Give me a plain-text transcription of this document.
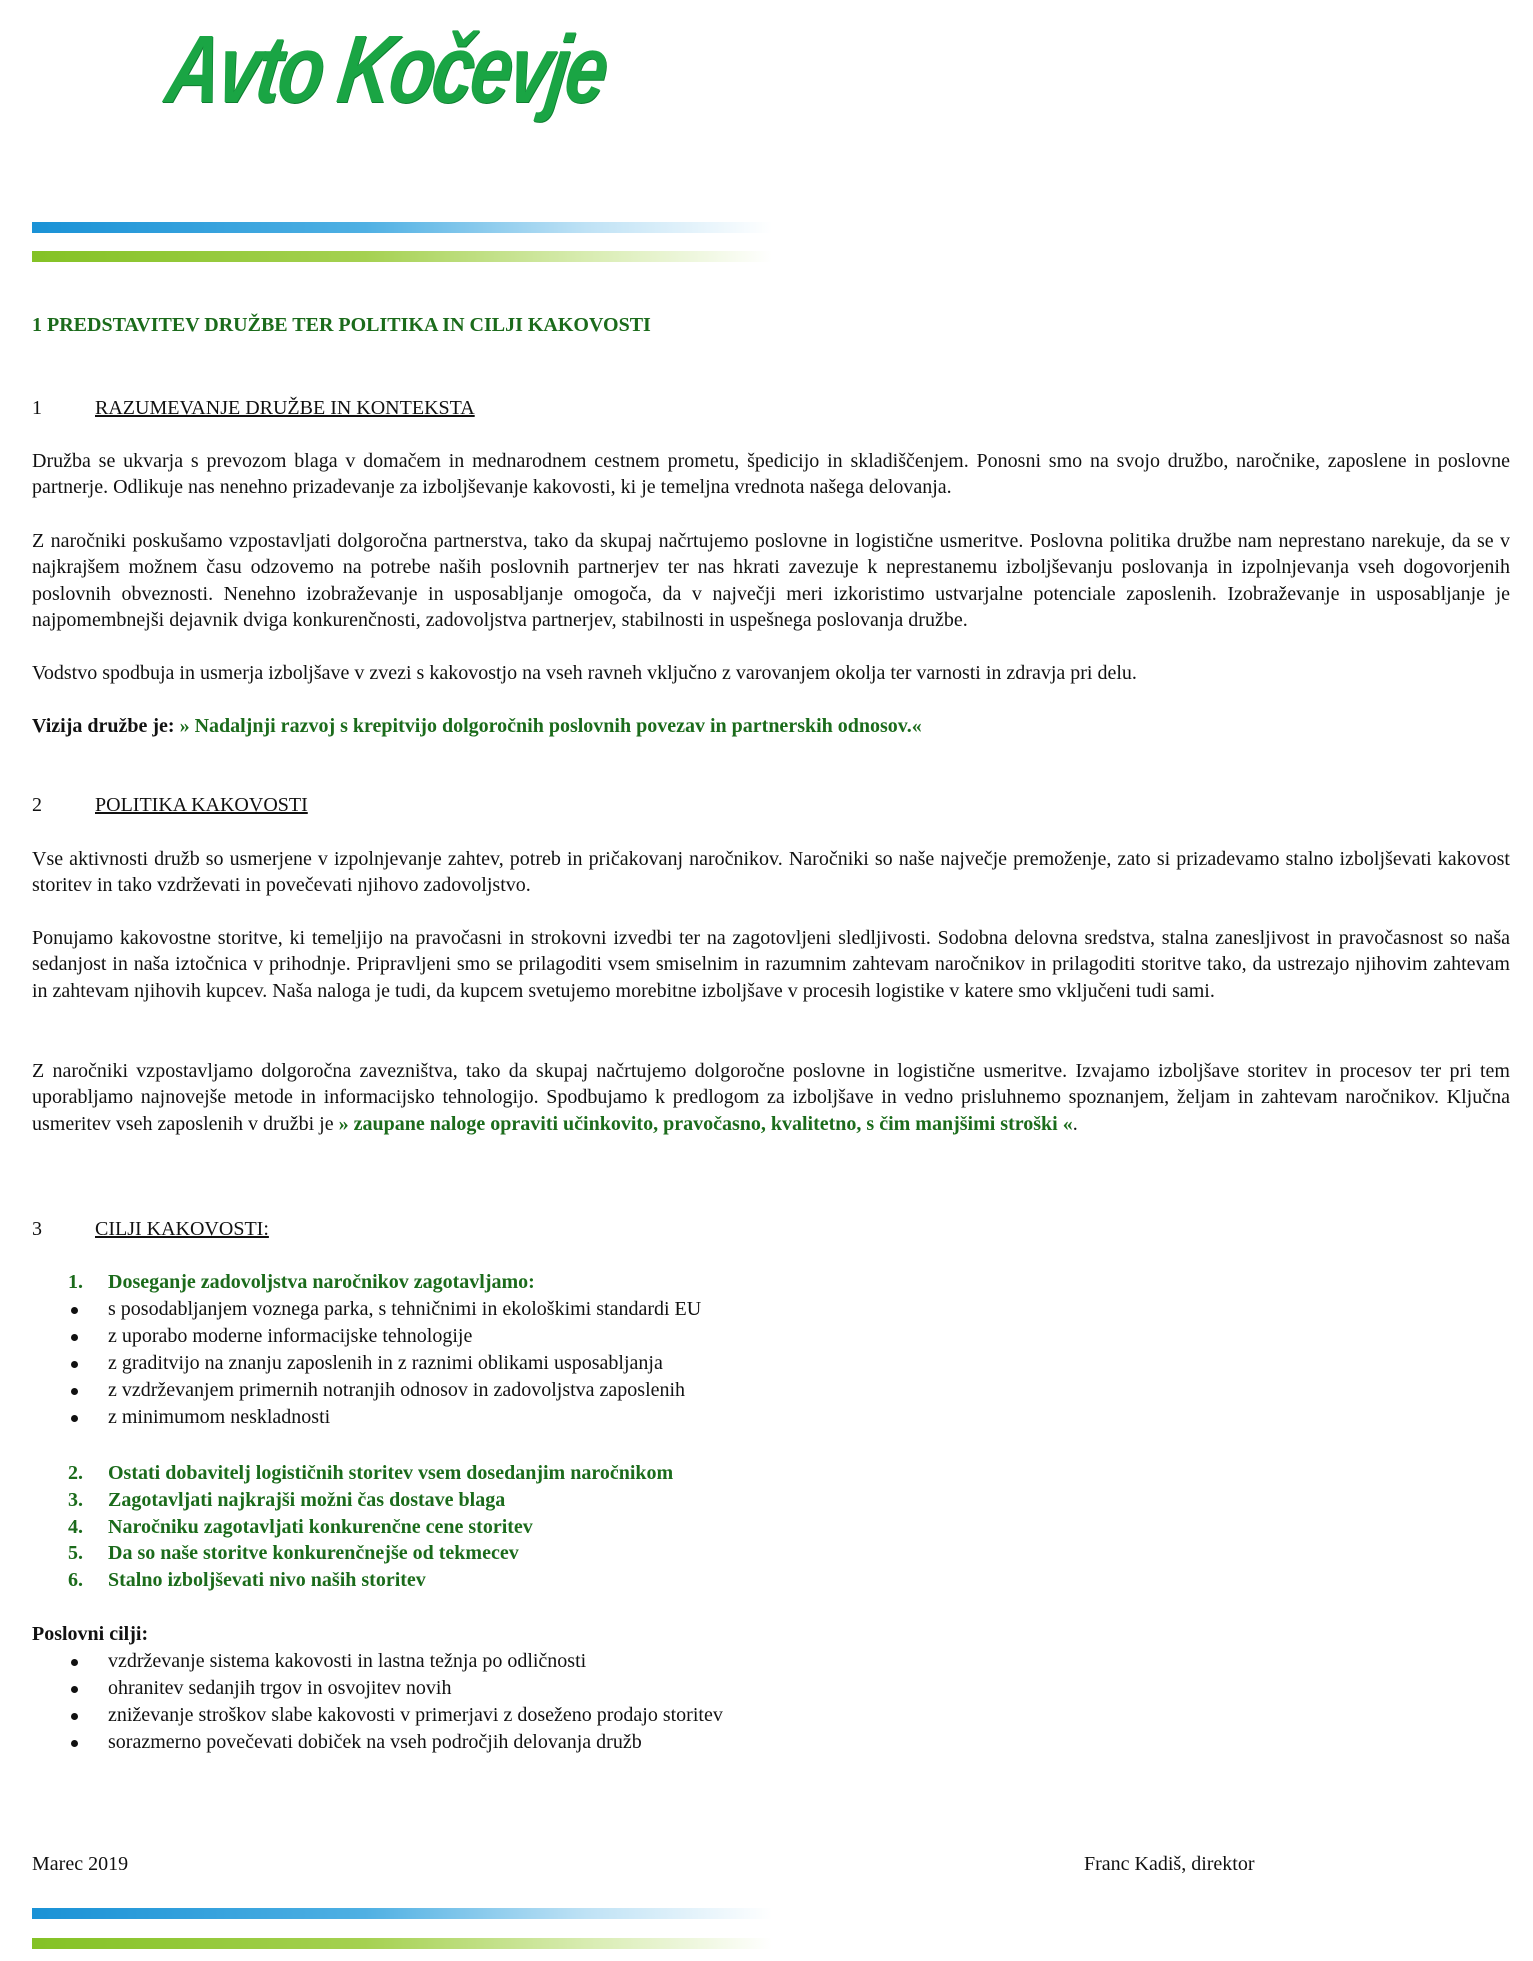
Avto Kočevje
1 PREDSTAVITEV DRUŽBE TER POLITIKA IN CILJI KAKOVOSTI

1	RAZUMEVANJE DRUŽBE IN KONTEKSTA

Družba se ukvarja s prevozom blaga v domačem in mednarodnem cestnem prometu, špedicijo in skladiščenjem. Ponosni smo na svojo družbo, naročnike, zaposlene in poslovne partnerje. Odlikuje nas nenehno prizadevanje za izboljševanje kakovosti, ki je temeljna vrednota našega delovanja.

Z naročniki poskušamo vzpostavljati dolgoročna partnerstva, tako da skupaj načrtujemo poslovne in logistične usmeritve. Poslovna politika družbe nam neprestano narekuje, da se v najkrajšem možnem času odzovemo na potrebe naših poslovnih partnerjev ter nas hkrati zavezuje k neprestanemu izboljševanju poslovanja in izpolnjevanja vseh dogovorjenih poslovnih obveznosti. Nenehno izobraževanje in usposabljanje omogoča, da v največji meri izkoristimo ustvarjalne potenciale zaposlenih. Izobraževanje in usposabljanje je najpomembnejši dejavnik dviga konkurenčnosti, zadovoljstva partnerjev, stabilnosti in uspešnega poslovanja družbe.

Vodstvo spodbuja in usmerja izboljšave v zvezi s kakovostjo na vseh ravneh vključno z varovanjem okolja ter varnosti in zdravja pri delu.

Vizija družbe je: » Nadaljnji razvoj s krepitvijo dolgoročnih poslovnih povezav in partnerskih odnosov.«

2	POLITIKA KAKOVOSTI

Vse aktivnosti družb so usmerjene v izpolnjevanje zahtev, potreb in pričakovanj naročnikov. Naročniki so naše največje premoženje, zato si prizadevamo stalno izboljševati kakovost storitev in tako vzdrževati in povečevati njihovo zadovoljstvo.

Ponujamo kakovostne storitve, ki temeljijo na pravočasni in strokovni izvedbi ter na zagotovljeni sledljivosti. Sodobna delovna sredstva, stalna zanesljivost in pravočasnost so naša sedanjost in naša iztočnica v prihodnje. Pripravljeni smo se prilagoditi vsem smiselnim in razumnim zahtevam naročnikov in prilagoditi storitve tako, da ustrezajo njihovim zahtevam in zahtevam njihovih kupcev. Naša naloga je tudi, da kupcem svetujemo morebitne izboljšave v procesih logistike v katere smo vključeni tudi sami.

Z naročniki vzpostavljamo dolgoročna zavezništva, tako da skupaj načrtujemo dolgoročne poslovne in logistične usmeritve. Izvajamo izboljšave storitev in procesov ter pri tem uporabljamo najnovejše metode in informacijsko tehnologijo. Spodbujamo k predlogom za izboljšave in vedno prisluhnemo spoznanjem, željam in zahtevam naročnikov. Ključna usmeritev vseh zaposlenih v družbi je » zaupane naloge opraviti učinkovito, pravočasno, kvalitetno, s čim manjšimi stroški «.

3	CILJI KAKOVOSTI:

1. Doseganje zadovoljstva naročnikov zagotavljamo:

s posodabljanjem voznega parka, s tehničnimi in ekološkimi standardi EU
z uporabo moderne informacijske tehnologije
z graditvijo na znanju zaposlenih in z raznimi oblikami usposabljanja
z vzdrževanjem primernih notranjih odnosov in zadovoljstva zaposlenih
z minimumom neskladnosti

2. Ostati dobavitelj logističnih storitev vsem dosedanjim naročnikom

3. Zagotavljati najkrajši možni čas dostave blaga

4. Naročniku zagotavljati konkurenčne cene storitev

5. Da so naše storitve konkurenčnejše od tekmecev

6. Stalno izboljševati nivo naših storitev

Poslovni cilji:

vzdrževanje sistema kakovosti in lastna težnja po odličnosti
ohranitev sedanjih trgov in osvojitev novih
zniževanje stroškov slabe kakovosti v primerjavi z doseženo prodajo storitev
sorazmerno povečevati dobiček na vseh področjih delovanja družb

Marec 2019	Franc Kadiš, direktor
